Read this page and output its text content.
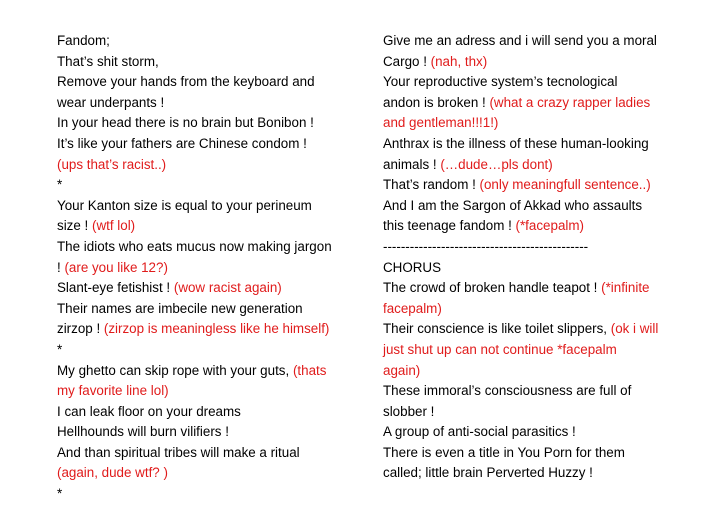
Fandom;
That’s shit storm,
Remove your hands from the keyboard and
wear underpants !
In your head there is no brain but Bonibon !
It’s like your fathers are Chinese condom !
(ups that’s racist..)
*
Your Kanton size is equal to your perineum
size ! (wtf lol)
The idiots who eats mucus now making jargon
! (are you like 12?)
Slant-eye fetishist ! (wow racist again)
Their names are imbecile new generation
zirzop ! (zirzop is meaningless like he himself)
*
My ghetto can skip rope with your guts, (thats
my favorite line lol)
I can leak floor on your dreams
Hellhounds will burn vilifiers !
And than spiritual tribes will make a ritual
(again, dude wtf? )
*
Give me an adress and i will send you a moral
Cargo ! (nah, thx)
Your reproductive system’s tecnological
andon is broken ! (what a crazy rapper ladies
and gentleman!!!1!)
Anthrax is the illness of these human-looking
animals ! (…dude…pls dont)
That’s random ! (only meaningfull sentence..)
And I am the Sargon of Akkad who assaults
this teenage fandom ! (*facepalm)
----------------------------------------------
CHORUS
The crowd of broken handle teapot ! (*infinite
facepalm)
Their conscience is like toilet slippers, (ok i will
just shut up can not continue *facepalm
again)
These immoral’s consciousness are full of
slobber !
A group of anti-social parasitics !
There is even a title in You Porn for them
called; little brain Perverted Huzzy !
